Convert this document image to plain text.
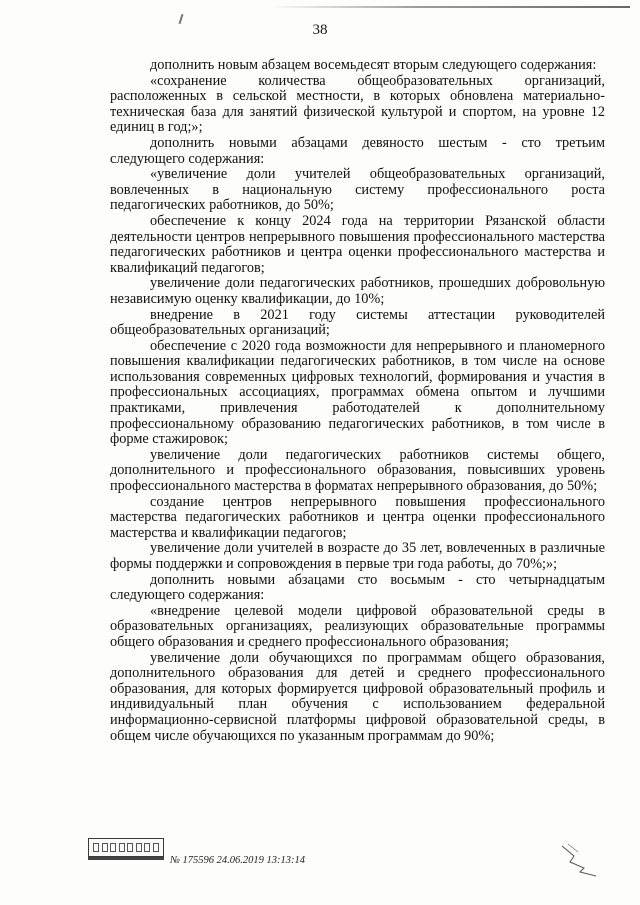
38

дополнить новым абзацем восемьдесят вторым следующего содержания:

«сохранение количества общеобразовательных организаций, расположенных в сельской местности, в которых обновлена материально-техническая база для занятий физической культурой и спортом, на уровне 12 единиц в год;»;

дополнить новыми абзацами девяносто шестым - сто третьим следующего содержания:

«увеличение доли учителей общеобразовательных организаций, вовлеченных в национальную систему профессионального роста педагогических работников, до 50%;

обеспечение к концу 2024 года на территории Рязанской области деятельности центров непрерывного повышения профессионального мастерства педагогических работников и центра оценки профессионального мастерства и квалификаций педагогов;

увеличение доли педагогических работников, прошедших добровольную независимую оценку квалификации, до 10%;

внедрение в 2021 году системы аттестации руководителей общеобразовательных организаций;

обеспечение с 2020 года возможности для непрерывного и планомерного повышения квалификации педагогических работников, в том числе на основе использования современных цифровых технологий, формирования и участия в профессиональных ассоциациях, программах обмена опытом и лучшими практиками, привлечения работодателей к дополнительному профессиональному образованию педагогических работников, в том числе в форме стажировок;

увеличение доли педагогических работников системы общего, дополнительного и профессионального образования, повысивших уровень профессионального мастерства в форматах непрерывного образования, до 50%;

создание центров непрерывного повышения профессионального мастерства педагогических работников и центра оценки профессионального мастерства и квалификации педагогов;

увеличение доли учителей в возрасте до 35 лет, вовлеченных в различные формы поддержки и сопровождения в первые три года работы, до 70%;»;

дополнить новыми абзацами сто восьмым - сто четырнадцатым следующего содержания:

«внедрение целевой модели цифровой образовательной среды в образовательных организациях, реализующих образовательные программы общего образования и среднего профессионального образования;

увеличение доли обучающихся по программам общего образования, дополнительного образования для детей и среднего профессионального образования, для которых формируется цифровой образовательный профиль и индивидуальный план обучения с использованием федеральной информационно-сервисной платформы цифровой образовательной среды, в общем числе обучающихся по указанным программам до 90%;

№ 175596 24.06.2019 13:13:14
